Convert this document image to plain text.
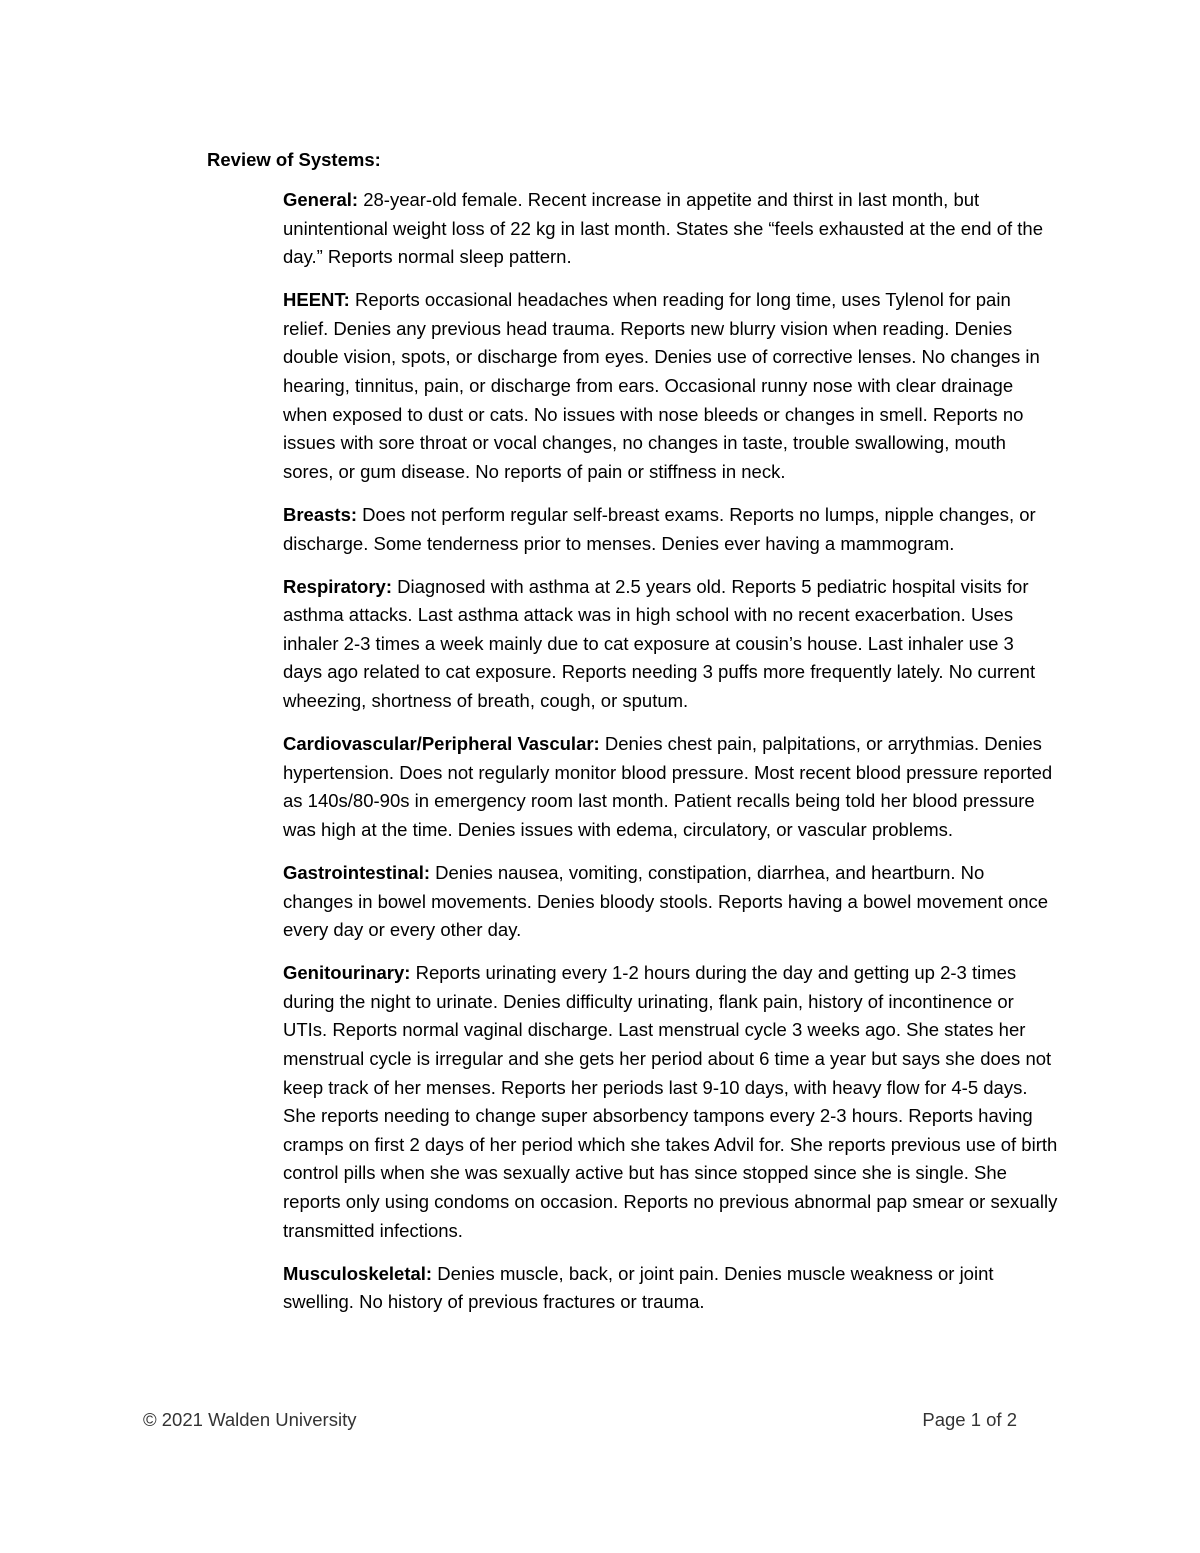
Review of Systems:

General: 28-year-old female. Recent increase in appetite and thirst in last month, but unintentional weight loss of 22 kg in last month. States she “feels exhausted at the end of the day.” Reports normal sleep pattern.

HEENT: Reports occasional headaches when reading for long time, uses Tylenol for pain relief. Denies any previous head trauma. Reports new blurry vision when reading. Denies double vision, spots, or discharge from eyes. Denies use of corrective lenses. No changes in hearing, tinnitus, pain, or discharge from ears. Occasional runny nose with clear drainage when exposed to dust or cats. No issues with nose bleeds or changes in smell. Reports no issues with sore throat or vocal changes, no changes in taste, trouble swallowing, mouth sores, or gum disease. No reports of pain or stiffness in neck.

Breasts: Does not perform regular self-breast exams. Reports no lumps, nipple changes, or discharge. Some tenderness prior to menses. Denies ever having a mammogram.

Respiratory: Diagnosed with asthma at 2.5 years old. Reports 5 pediatric hospital visits for asthma attacks. Last asthma attack was in high school with no recent exacerbation. Uses inhaler 2-3 times a week mainly due to cat exposure at cousin’s house. Last inhaler use 3 days ago related to cat exposure. Reports needing 3 puffs more frequently lately. No current wheezing, shortness of breath, cough, or sputum.

Cardiovascular/Peripheral Vascular: Denies chest pain, palpitations, or arrythmias. Denies hypertension. Does not regularly monitor blood pressure. Most recent blood pressure reported as 140s/80-90s in emergency room last month. Patient recalls being told her blood pressure was high at the time. Denies issues with edema, circulatory, or vascular problems.

Gastrointestinal: Denies nausea, vomiting, constipation, diarrhea, and heartburn. No changes in bowel movements. Denies bloody stools. Reports having a bowel movement once every day or every other day.

Genitourinary: Reports urinating every 1-2 hours during the day and getting up 2-3 times during the night to urinate. Denies difficulty urinating, flank pain, history of incontinence or UTIs. Reports normal vaginal discharge. Last menstrual cycle 3 weeks ago. She states her menstrual cycle is irregular and she gets her period about 6 time a year but says she does not keep track of her menses. Reports her periods last 9-10 days, with heavy flow for 4-5 days. She reports needing to change super absorbency tampons every 2-3 hours. Reports having cramps on first 2 days of her period which she takes Advil for. She reports previous use of birth control pills when she was sexually active but has since stopped since she is single. She reports only using condoms on occasion. Reports no previous abnormal pap smear or sexually transmitted infections.

Musculoskeletal: Denies muscle, back, or joint pain. Denies muscle weakness or joint swelling. No history of previous fractures or trauma.

© 2021 Walden University	Page 1 of 2
